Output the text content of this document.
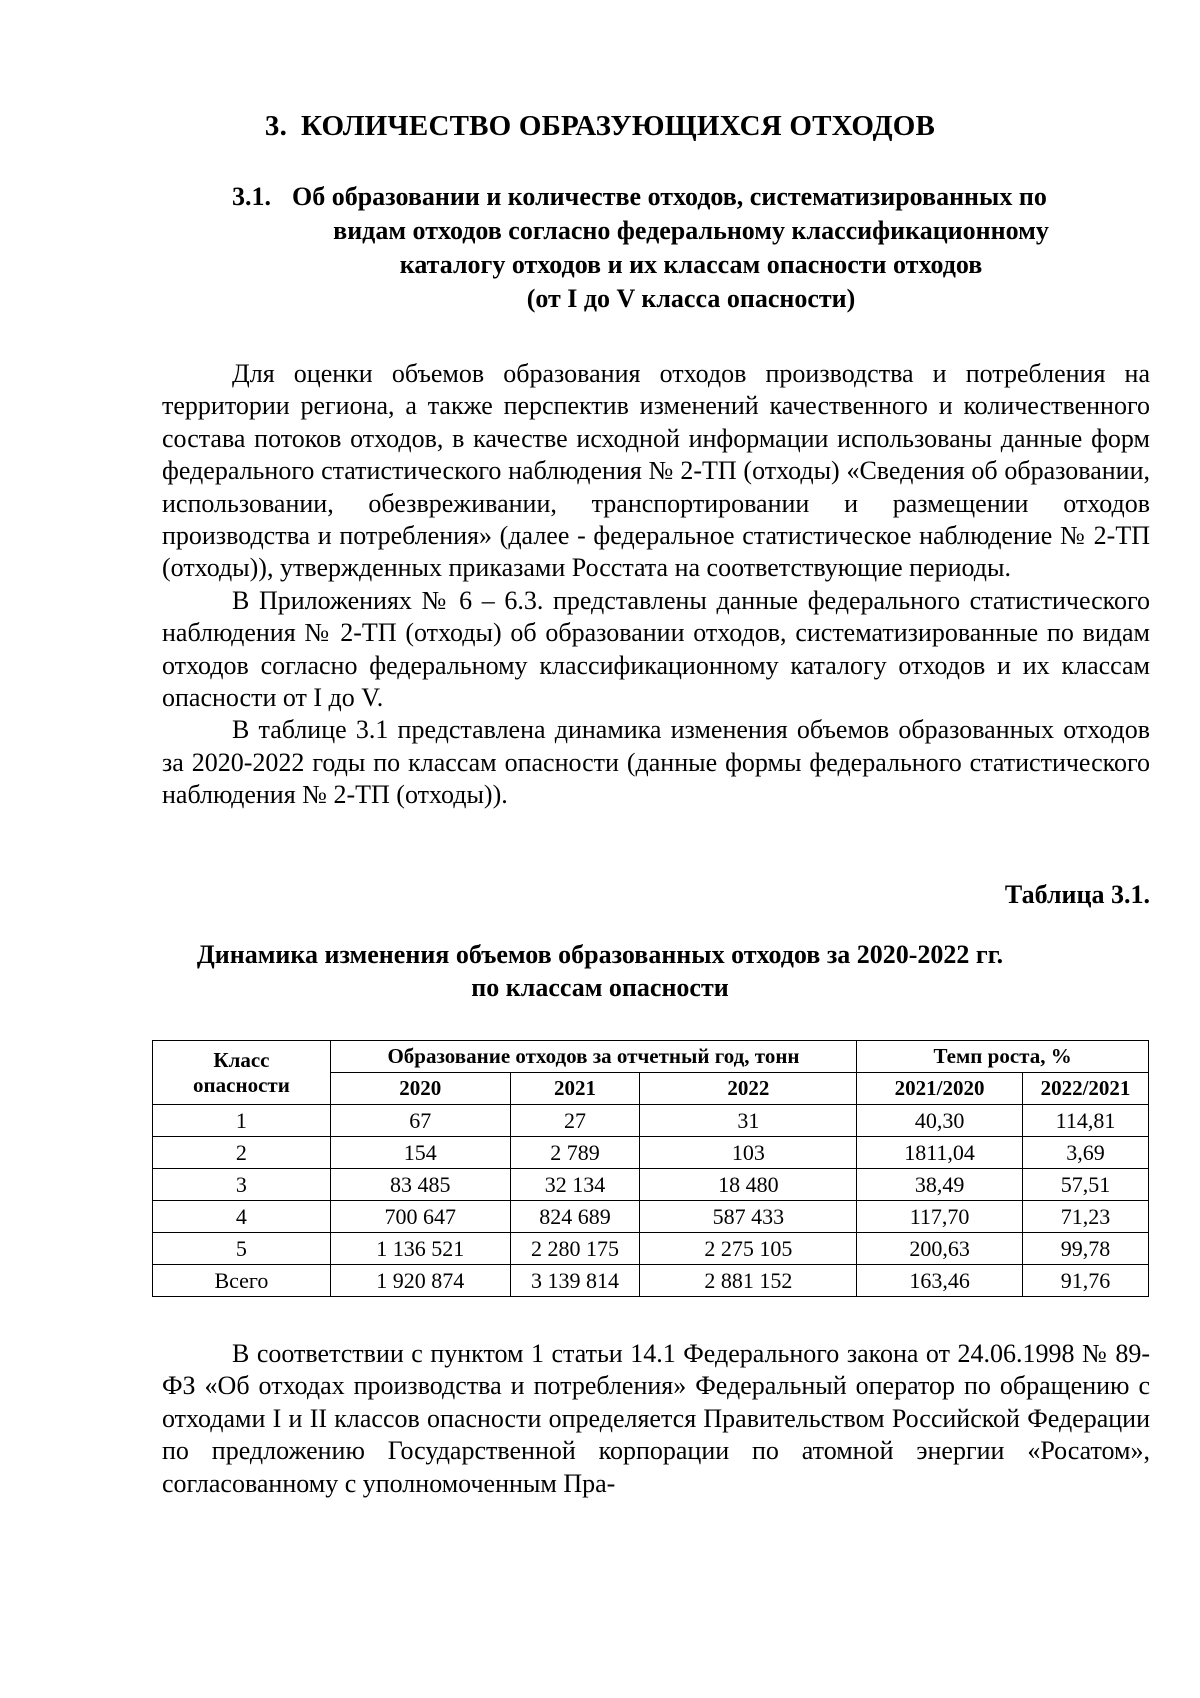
3. КОЛИЧЕСТВО ОБРАЗУЮЩИХСЯ ОТХОДОВ
3.1. Об образовании и количестве отходов, систематизированных по
видам отходов согласно федеральному классификационному
каталогу отходов и их классам опасности отходов
(от I до V класса опасности)

Для оценки объемов образования отходов производства и потребления на территории региона, а также перспектив изменений качественного и количественного состава потоков отходов, в качестве исходной информации использованы данные форм федерального статистического наблюдения № 2-ТП (отходы) «Сведения об образовании, использовании, обезвреживании, транспортировании и размещении отходов производства и потребления» (далее - федеральное статистическое наблюдение № 2-ТП (отходы)), утвержденных приказами Росстата на соответствующие периоды.

В Приложениях № 6 – 6.3. представлены данные федерального статистического наблюдения № 2-ТП (отходы) об образовании отходов, систематизированные по видам отходов согласно федеральному классификационному каталогу отходов и их классам опасности от I до V.

В таблице 3.1 представлена динамика изменения объемов образованных отходов за 2020-2022 годы по классам опасности (данные формы федерального статистического наблюдения № 2-ТП (отходы)).

Таблица 3.1.
Динамика изменения объемов образованных отходов за 2020-2022 гг.
по классам опасности
Класс
опасности	Образование отходов за отчетный год, тонн			Темп роста, %	
	2020	2021	2022	2021/2020	2022/2021
1	67	27	31	40,30	114,81
2	154	2 789	103	1811,04	3,69
3	83 485	32 134	18 480	38,49	57,51
4	700 647	824 689	587 433	117,70	71,23
5	1 136 521	2 280 175	2 275 105	200,63	99,78
Всего	1 920 874	3 139 814	2 881 152	163,46	91,76

В соответствии с пунктом 1 статьи 14.1 Федерального закона от 24.06.1998 № 89-ФЗ «Об отходах производства и потребления» Федеральный оператор по обращению с отходами I и II классов опасности определяется Правительством Российской Федерации по предложению Государственной корпорации по атомной энергии «Росатом», согласованному с уполномоченным Пра-
